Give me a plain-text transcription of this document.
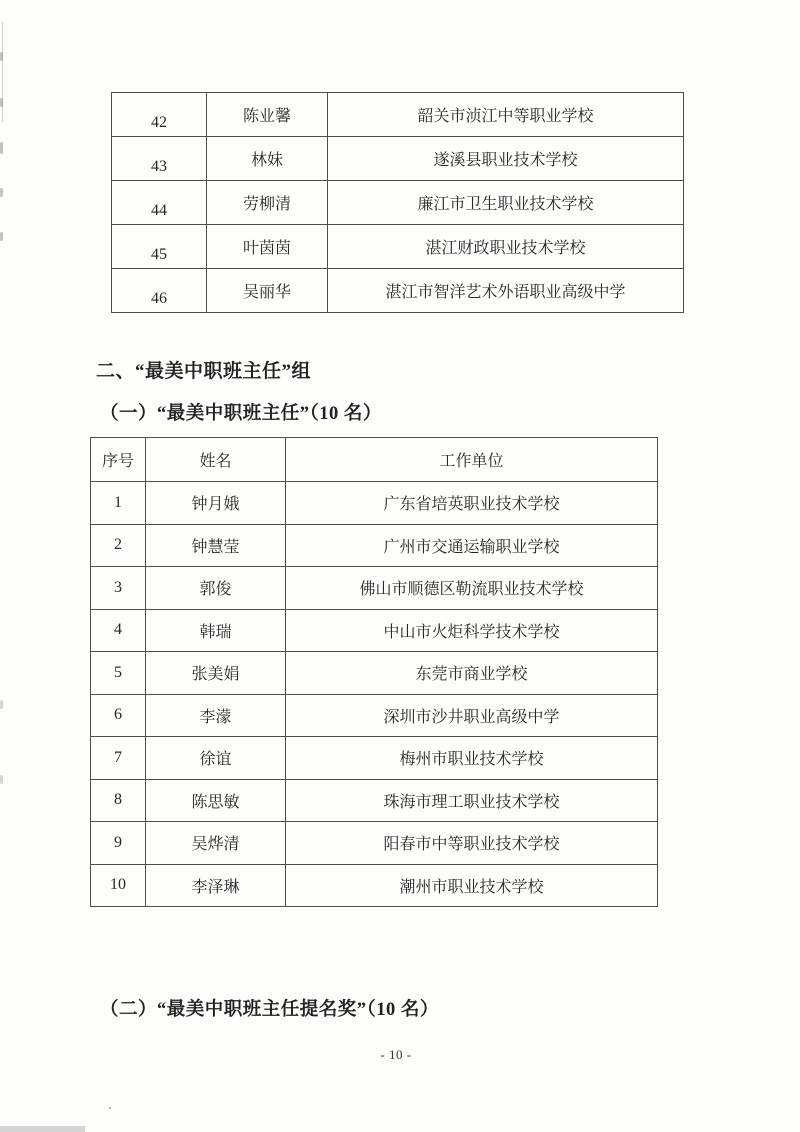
42	陈业馨	韶关市浈江中等职业学校
43	林妹	遂溪县职业技术学校
44	劳柳清	廉江市卫生职业技术学校
45	叶茵茵	湛江财政职业技术学校
46	吴丽华	湛江市智洋艺术外语职业高级中学
二、“最美中职班主任”组
（一）“最美中职班主任”（10 名）
序号	姓名	工作单位
1	钟月娥	广东省培英职业技术学校
2	钟慧莹	广州市交通运输职业学校
3	郭俊	佛山市顺德区勒流职业技术学校
4	韩瑞	中山市火炬科学技术学校
5	张美娟	东莞市商业学校
6	李濛	深圳市沙井职业高级中学
7	徐谊	梅州市职业技术学校
8	陈思敏	珠海市理工职业技术学校
9	吴烨清	阳春市中等职业技术学校
10	李泽琳	潮州市职业技术学校
（二）“最美中职班主任提名奖”（10 名）
- 10 -
